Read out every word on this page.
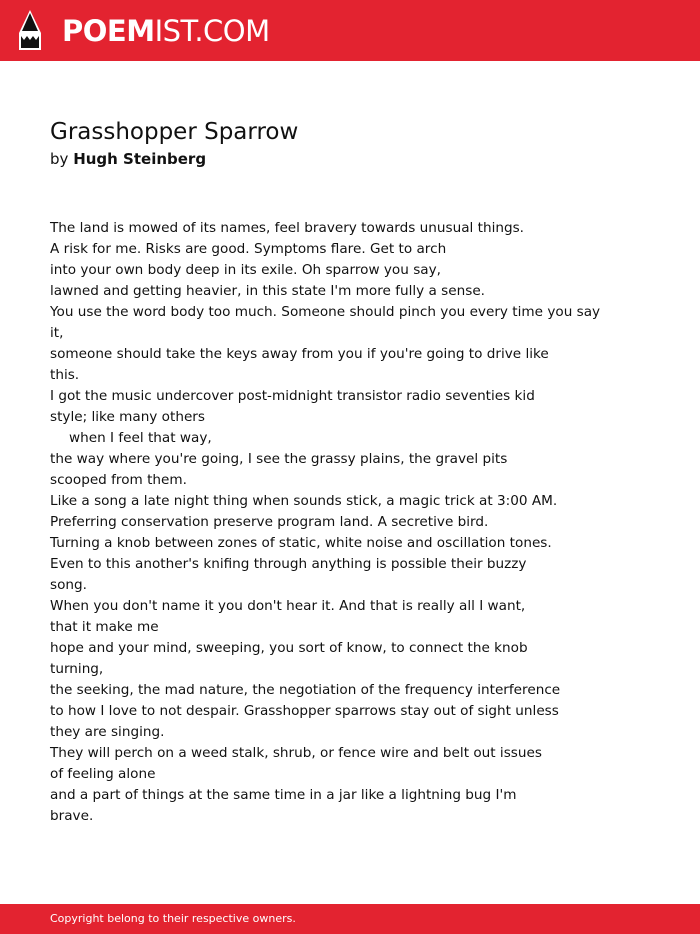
POEMIST.COM
Grasshopper Sparrow
by Hugh Steinberg
The land is mowed of its names, feel bravery towards unusual things.
A risk for me. Risks are good. Symptoms flare. Get to arch
into your own body deep in its exile. Oh sparrow you say,
lawned and getting heavier, in this state I'm more fully a sense.
You use the word body too much. Someone should pinch you every time you say
it,
someone should take the keys away from you if you're going to drive like
this.
I got the music undercover post-midnight transistor radio seventies kid
style; like many others
when I feel that way,
the way where you're going, I see the grassy plains, the gravel pits
scooped from them.
Like a song a late night thing when sounds stick, a magic trick at 3:00 AM.
Preferring conservation preserve program land. A secretive bird.
Turning a knob between zones of static, white noise and oscillation tones.
Even to this another's knifing through anything is possible their buzzy
song.
When you don't name it you don't hear it. And that is really all I want,
that it make me
hope and your mind, sweeping, you sort of know, to connect the knob
turning,
the seeking, the mad nature, the negotiation of the frequency interference
to how I love to not despair. Grasshopper sparrows stay out of sight unless
they are singing.
They will perch on a weed stalk, shrub, or fence wire and belt out issues
of feeling alone
and a part of things at the same time in a jar like a lightning bug I'm
brave.
Copyright belong to their respective owners.
